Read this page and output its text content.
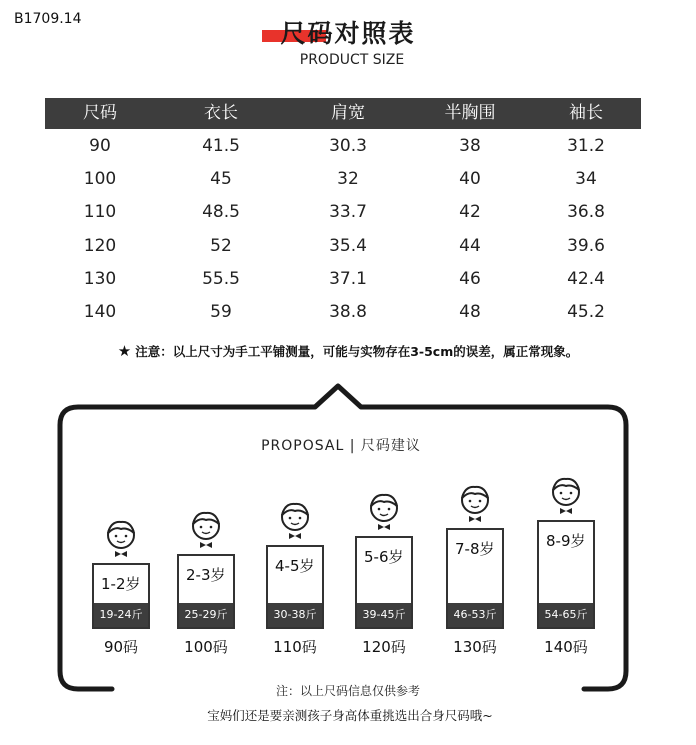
B1709.14	尺码对照表
PRODUCT SIZE
尺码	衣长	肩宽	半胸围	袖长
90	41.5	30.3	38	31.2
100	45	32	40	34
110	48.5	33.7	42	36.8
120	52	35.4	44	39.6
130	55.5	37.1	46	42.4
140	59	38.8	48	45.2
★ 注意：以上尺寸为手工平铺测量，可能与实物存在3-5cm的误差，属正常现象。
PROPOSAL | 尺码建议
1-2岁
19-24斤
90码
2-3岁
25-29斤
100码
4-5岁
30-38斤
110码
5-6岁
39-45斤
120码
7-8岁
46-53斤
130码
8-9岁
54-65斤
140码
注：以上尺码信息仅供参考
宝妈们还是要亲测孩子身高体重挑选出合身尺码哦~
